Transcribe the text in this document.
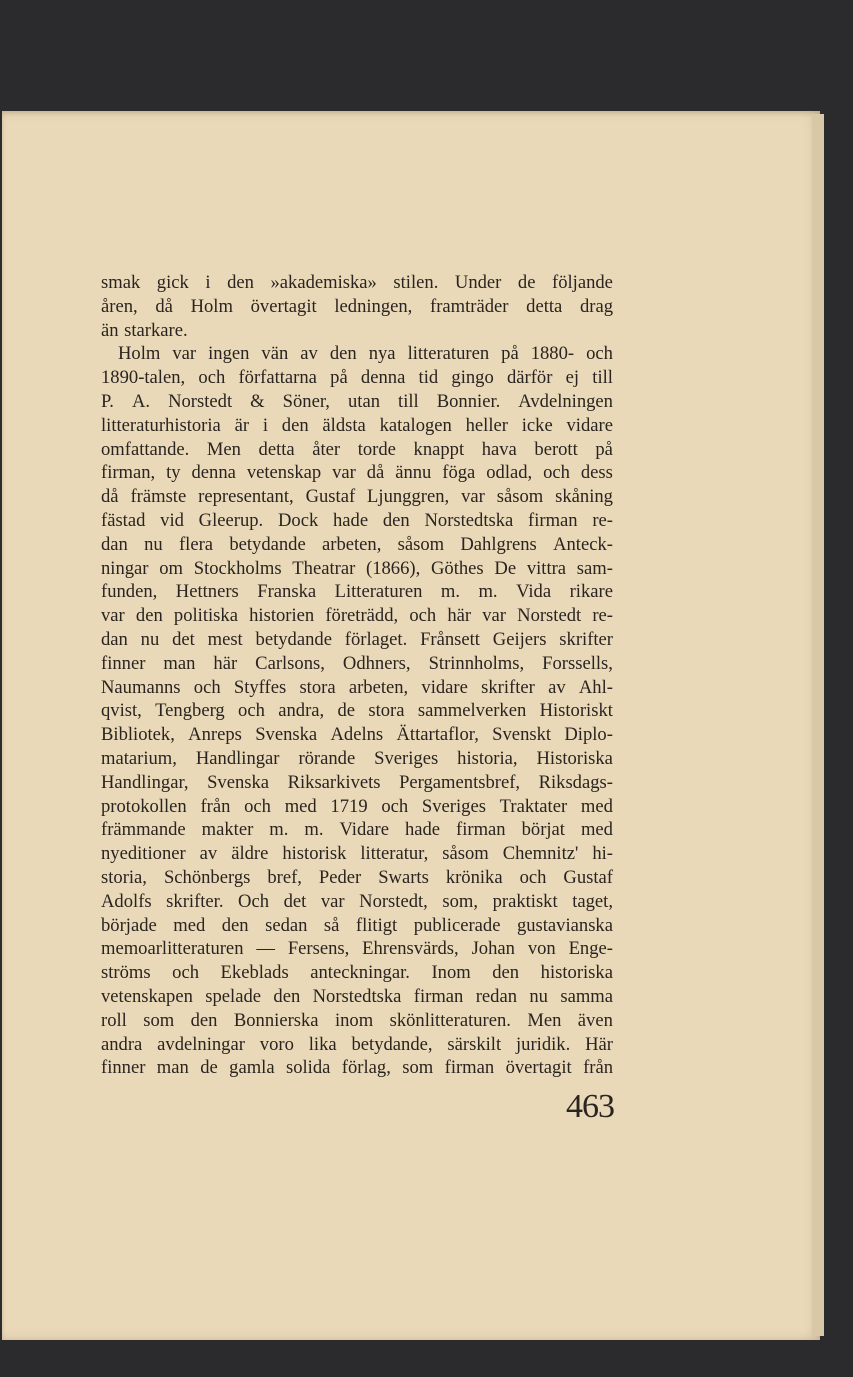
smak gick i den »akademiska» stilen. Under de följande
åren, då Holm övertagit ledningen, framträder detta drag
än starkare.
Holm var ingen vän av den nya litteraturen på 1880- och
1890-talen, och författarna på denna tid gingo därför ej till
P. A. Norstedt & Söner, utan till Bonnier. Avdelningen
litteraturhistoria är i den äldsta katalogen heller icke vidare
omfattande. Men detta åter torde knappt hava berott på
firman, ty denna vetenskap var då ännu föga odlad, och dess
då främste representant, Gustaf Ljunggren, var såsom skåning
fästad vid Gleerup. Dock hade den Norstedtska firman re-
dan nu flera betydande arbeten, såsom Dahlgrens Anteck-
ningar om Stockholms Theatrar (1866), Göthes De vittra sam-
funden, Hettners Franska Litteraturen m. m. Vida rikare
var den politiska historien företrädd, och här var Norstedt re-
dan nu det mest betydande förlaget. Frånsett Geijers skrifter
finner man här Carlsons, Odhners, Strinnholms, Forssells,
Naumanns och Styffes stora arbeten, vidare skrifter av Ahl-
qvist, Tengberg och andra, de stora sammelverken Historiskt
Bibliotek, Anreps Svenska Adelns Ättartaflor, Svenskt Diplo-
matarium, Handlingar rörande Sveriges historia, Historiska
Handlingar, Svenska Riksarkivets Pergamentsbref, Riksdags-
protokollen från och med 1719 och Sveriges Traktater med
främmande makter m. m. Vidare hade firman börjat med
nyeditioner av äldre historisk litteratur, såsom Chemnitz' hi-
storia, Schönbergs bref, Peder Swarts krönika och Gustaf
Adolfs skrifter. Och det var Norstedt, som, praktiskt taget,
började med den sedan så flitigt publicerade gustavianska
memoarlitteraturen — Fersens, Ehrensvärds, Johan von Enge-
ströms och Ekeblads anteckningar. Inom den historiska
vetenskapen spelade den Norstedtska firman redan nu samma
roll som den Bonnierska inom skönlitteraturen. Men även
andra avdelningar voro lika betydande, särskilt juridik. Här
finner man de gamla solida förlag, som firman övertagit från
463
